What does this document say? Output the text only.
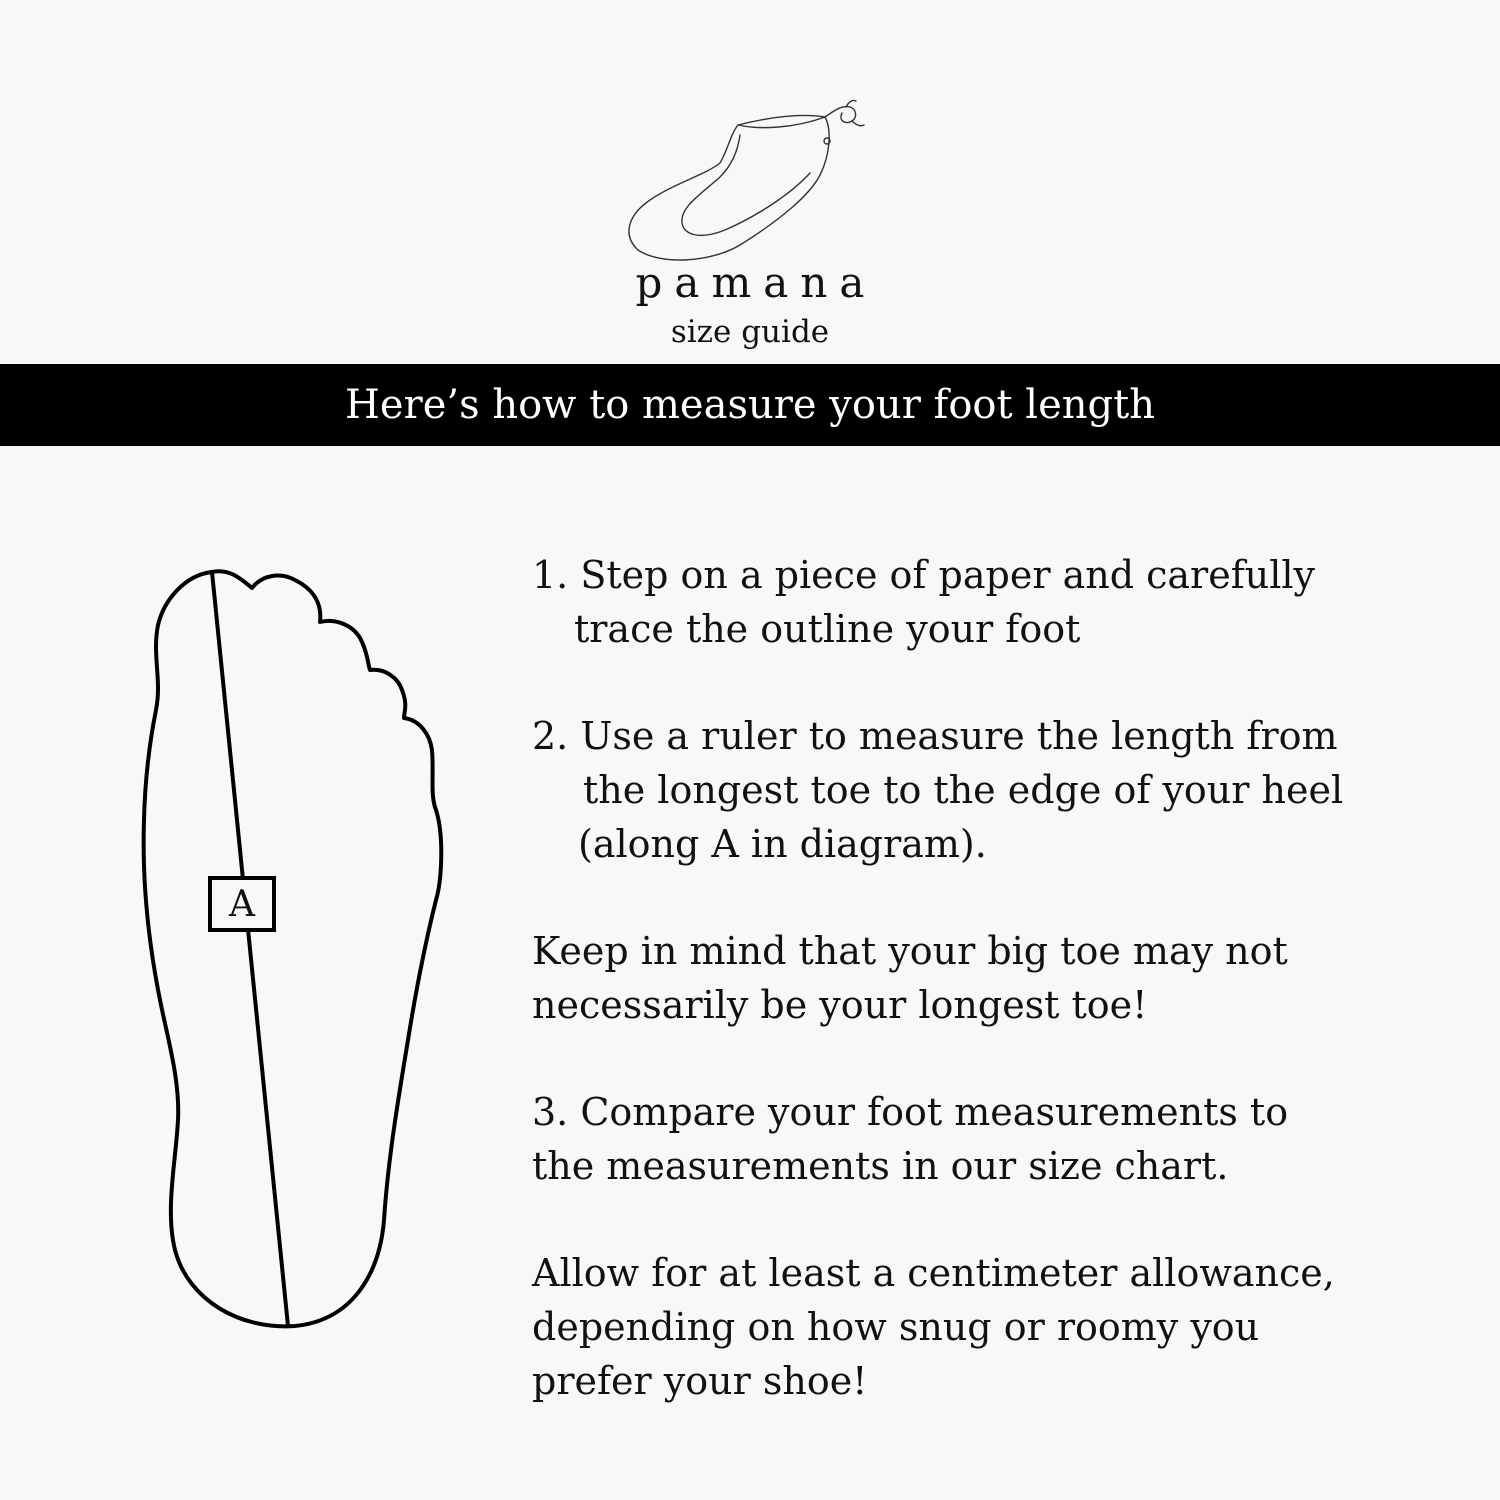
pamana
size guide
Here’s how to measure your foot length
A

1. Step on a piece of paper and carefully
trace the outline your foot

2. Use a ruler to measure the length from
the longest toe to the edge of your heel
(along A in diagram).

Keep in mind that your big toe may not
necessarily be your longest toe!

3. Compare your foot measurements to
the measurements in our size chart.

Allow for at least a centimeter allowance,
depending on how snug or roomy you
prefer your shoe!
